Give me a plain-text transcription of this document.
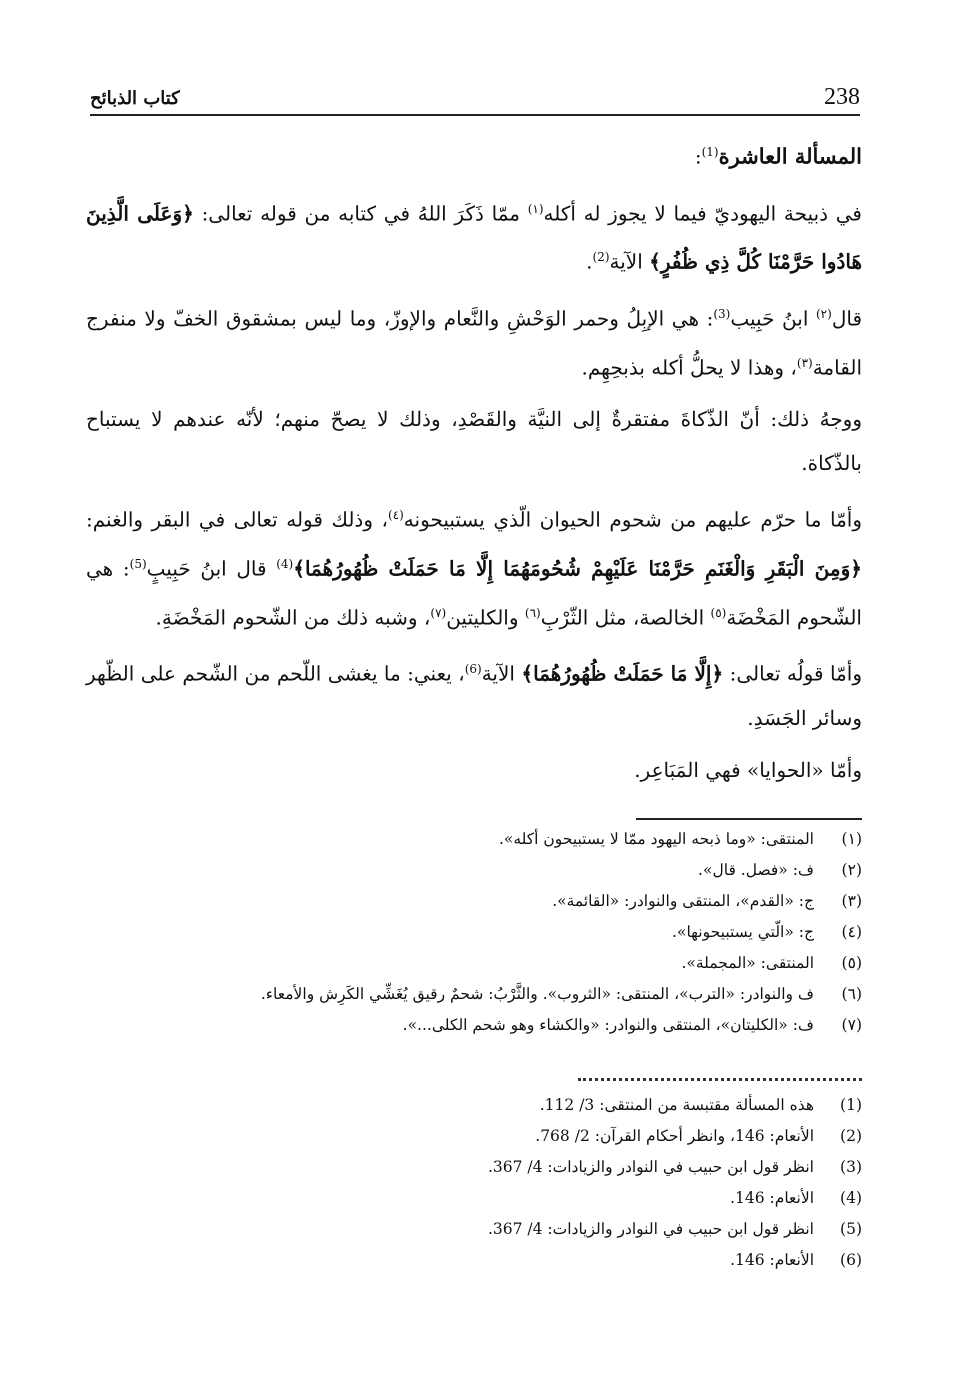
238
كتاب الذبائح

المسألة العاشرة$^{(1)}$:

في ذبيحة اليهوديّ فيما لا يجوز له أكله$^{(١)}$ ممّا ذَكَرَ اللهُ في كتابه من قوله تعالى: ﴿وَعَلَى الَّذِينَ هَادُوا حَرَّمْنَا كُلَّ ذِي ظُفُرٍ﴾ الآية$^{(2)}$.

قال$^{(٢)}$ ابنُ حَبِيب$^{(3)}$: هي الإبِلُ وحمر الوَحْشِ والنَّعام والإوزّ، وما ليس بمشقوق الخفّ ولا منفرج القامة$^{(٣)}$، وهذا لا يحلُّ أكله بذبحِهِم.

ووجهُ ذلك: أنّ الذّكاةَ مفتقرةٌ إلى النيَّة والقَصْدِ، وذلك لا يصحّ منهم؛ لأنّه عندهم لا يستباح بالذّكاة.

وأمّا ما حرّم عليهم من شحوم الحيوان الّذي يستبيحونه$^{(٤)}$، وذلك قوله تعالى في البقر والغنم: ﴿وَمِنَ الْبَقَرِ وَالْغَنَمِ حَرَّمْنَا عَلَيْهِمْ شُحُومَهُمَا إِلَّا مَا حَمَلَتْ ظُهُورُهُمَا﴾$^{(4)}$ قال ابنُ حَبِيبٍ$^{(5)}$: هي الشّحوم المَخْضَة$^{(٥)}$ الخالصة، مثل الثّرْبِ$^{(٦)}$ والكليتين$^{(٧)}$، وشبه ذلك من الشّحوم المَخْضَةِ.

وأمّا قولُه تعالى: ﴿إِلَّا مَا حَمَلَتْ ظُهُورُهُمَا﴾ الآية$^{(6)}$، يعني: ما يغشى اللّحم من الشّحم على الظّهر وسائر الجَسَدِ.

وأمّا «الحوايا» فهي المَبَاعِر.

(١)
المنتقى: «وما ذبحه اليهود ممّا لا يستبيحون أكله».
(٢)
ف: «فصل. قال».
(٣)
ج: «القدم»، المنتقى والنوادر: «القائمة».
(٤)
ج: «الّتي يستبيحونها».
(٥)
المنتقى: «المجملة».
(٦)
ف والنوادر: «الترب»، المنتقى: «الثروب». والثَّرْبُ: شحمٌ رقيق يُغَشِّي الكَرِش والأمعاء.
(٧)
ف: «الكليتان»، المنتقى والنوادر: «والكشاء وهو شحم الكلى...».
(1)
هذه المسألة مقتبسة من المنتقى: 3/ 112.
(2)
الأنعام: 146، وانظر أحكام القرآن: 2/ 768.
(3)
انظر قول ابن حبيب في النوادر والزيادات: 4/ 367.
(4)
الأنعام: 146.
(5)
انظر قول ابن حبيب في النوادر والزيادات: 4/ 367.
(6)
الأنعام: 146.
